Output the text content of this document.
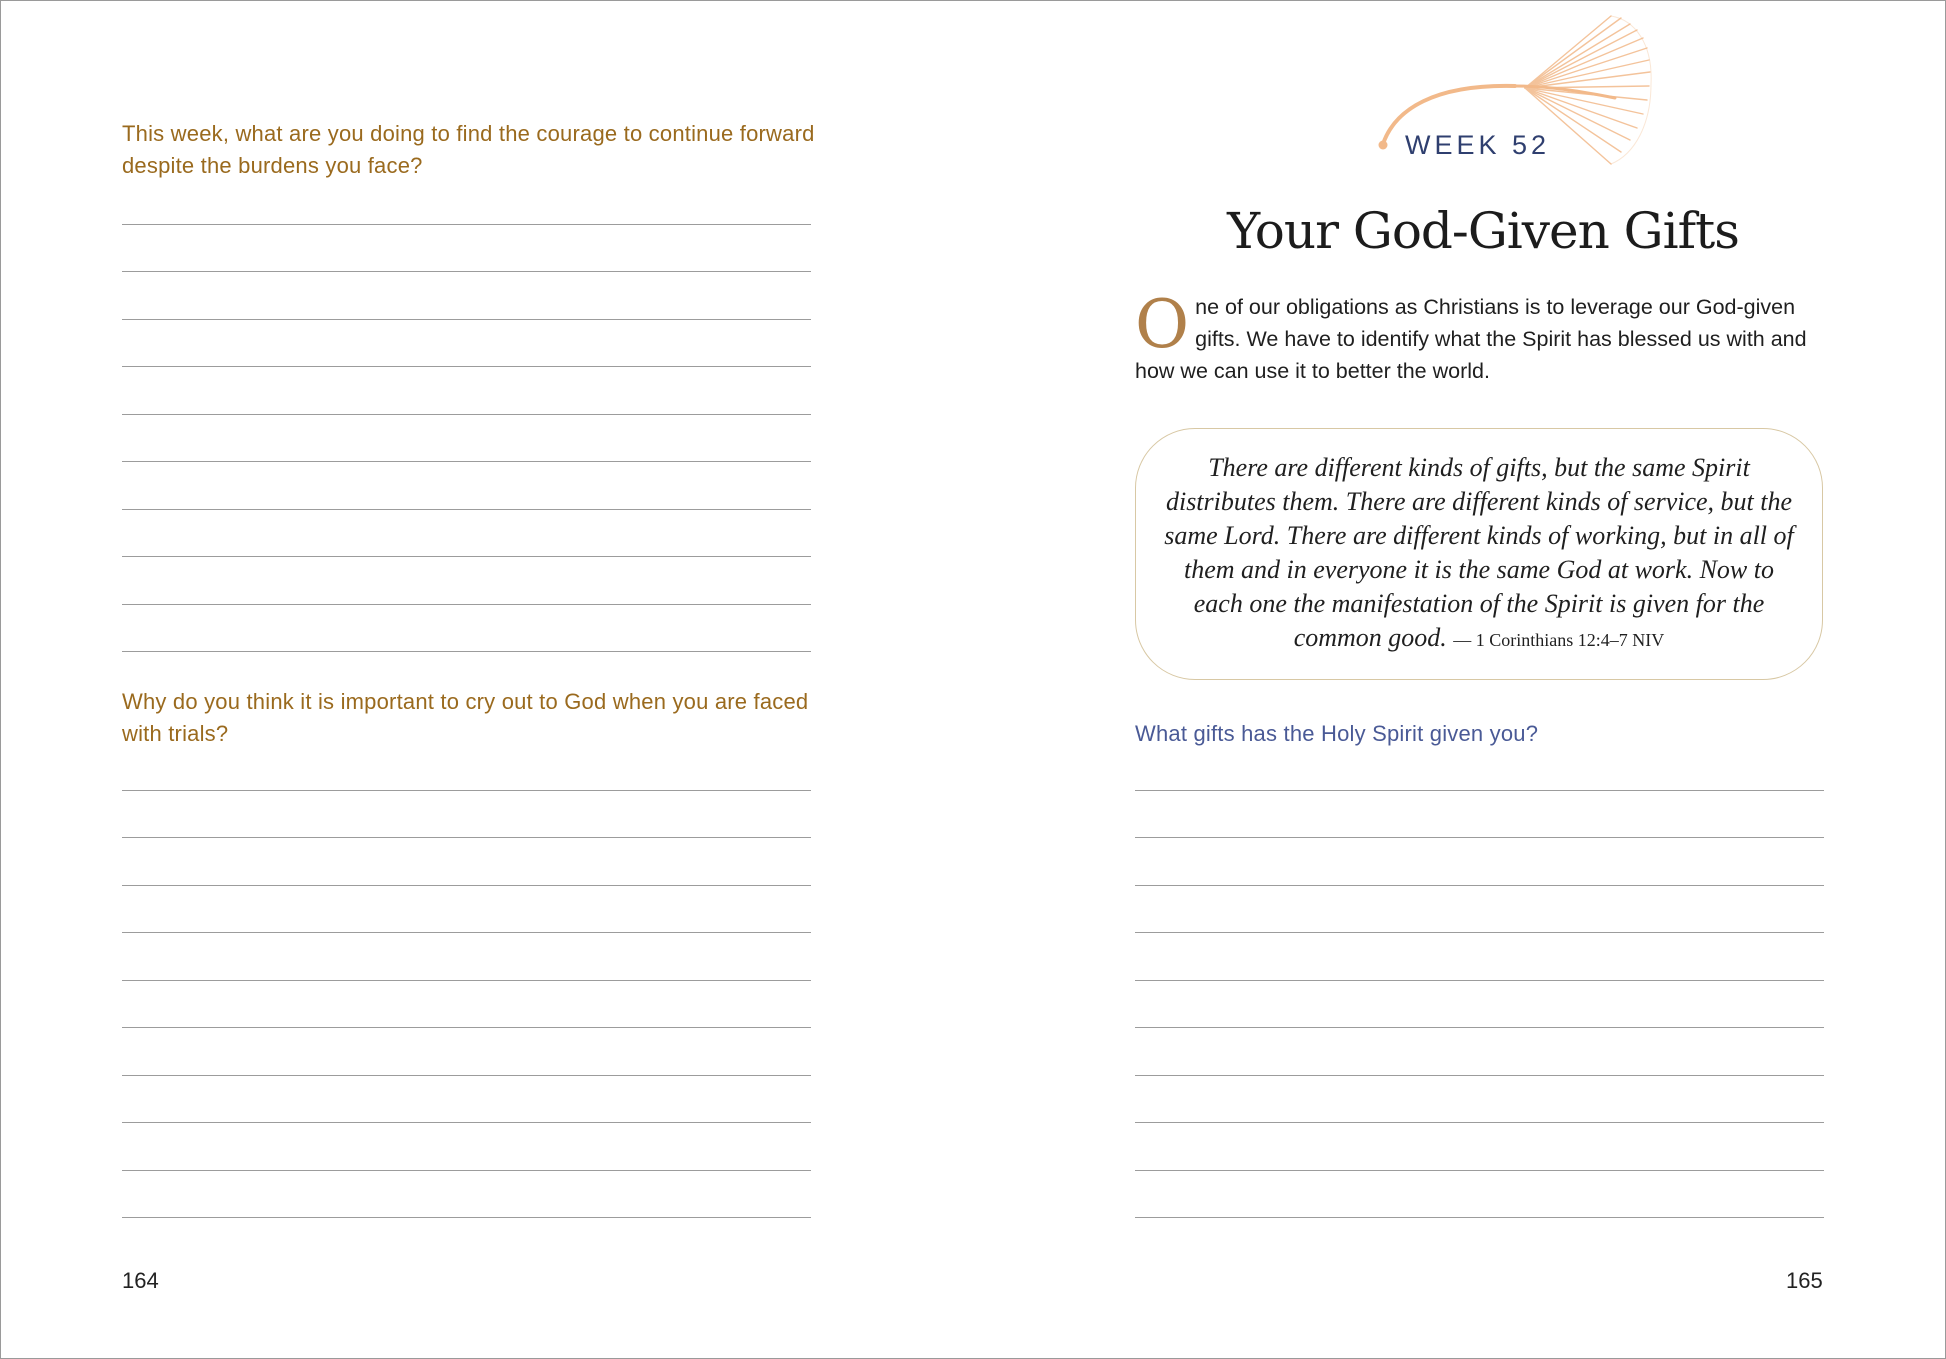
This week, what are you doing to find the courage to continue forward despite the burdens you face?
Why do you think it is important to cry out to God when you are faced with trials?
164
WEEK 52
Your God-Given Gifts
One of our obligations as Christians is to leverage our God-given gifts. We have to identify what the Spirit has blessed us with and how we can use it to better the world.
There are different kinds of gifts, but the same Spirit distributes them. There are different kinds of service, but the same Lord. There are different kinds of working, but in all of them and in everyone it is the same God at work. Now to each one the manifestation of the Spirit is given for the common good. — 1 Corinthians 12:4–7 NIV
What gifts has the Holy Spirit given you?
165
